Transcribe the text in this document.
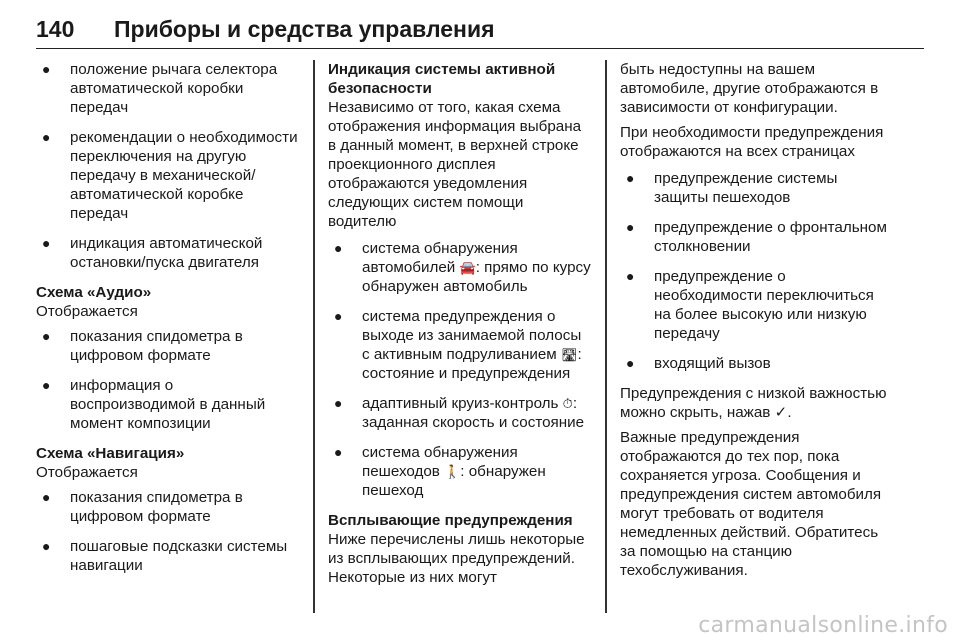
140	Приборы и средства управления
● положение рычага селектора автоматической коробки передач
● рекомендации о необходимости переключения на другую передачу в механической/автоматической коробке передач
● индикация автоматической остановки/пуска двигателя

Схема «Аудио»

Отображается

● показания спидометра в цифровом формате
● информация о воспроизводимой в данный момент композиции

Схема «Навигация»

Отображается

● показания спидометра в цифровом формате
● пошаговые подсказки системы навигации

Индикация системы активной безопасности

Независимо от того, какая схема отображения информация выбрана в данный момент, в верхней строке проекционного дисплея отображаются уведомления следующих систем помощи водителю

● система обнаружения автомобилей 🚘: прямо по курсу обнаружен автомобиль
● система предупреждения о выходе из занимаемой полосы с активным подруливанием 🛣: состояние и предупреждения
● адаптивный круиз-контроль ⏱: заданная скорость и состояние
● система обнаружения пешеходов 🚶: обнаружен пешеход

Всплывающие предупреждения

Ниже перечислены лишь некоторые из всплывающих предупреждений. Некоторые из них могут

быть недоступны на вашем автомобиле, другие отображаются в зависимости от конфигурации.

При необходимости предупреждения отображаются на всех страницах

● предупреждение системы защиты пешеходов
● предупреждение о фронтальном столкновении
● предупреждение о необходимости переключиться на более высокую или низкую передачу
● входящий вызов

Предупреждения с низкой важностью можно скрыть, нажав ✓.

Важные предупреждения отображаются до тех пор, пока сохраняется угроза. Сообщения и предупреждения систем автомобиля могут требовать от водителя немедленных действий. Обратитесь за помощью на станцию техобслуживания.

carmanualsonline.info
